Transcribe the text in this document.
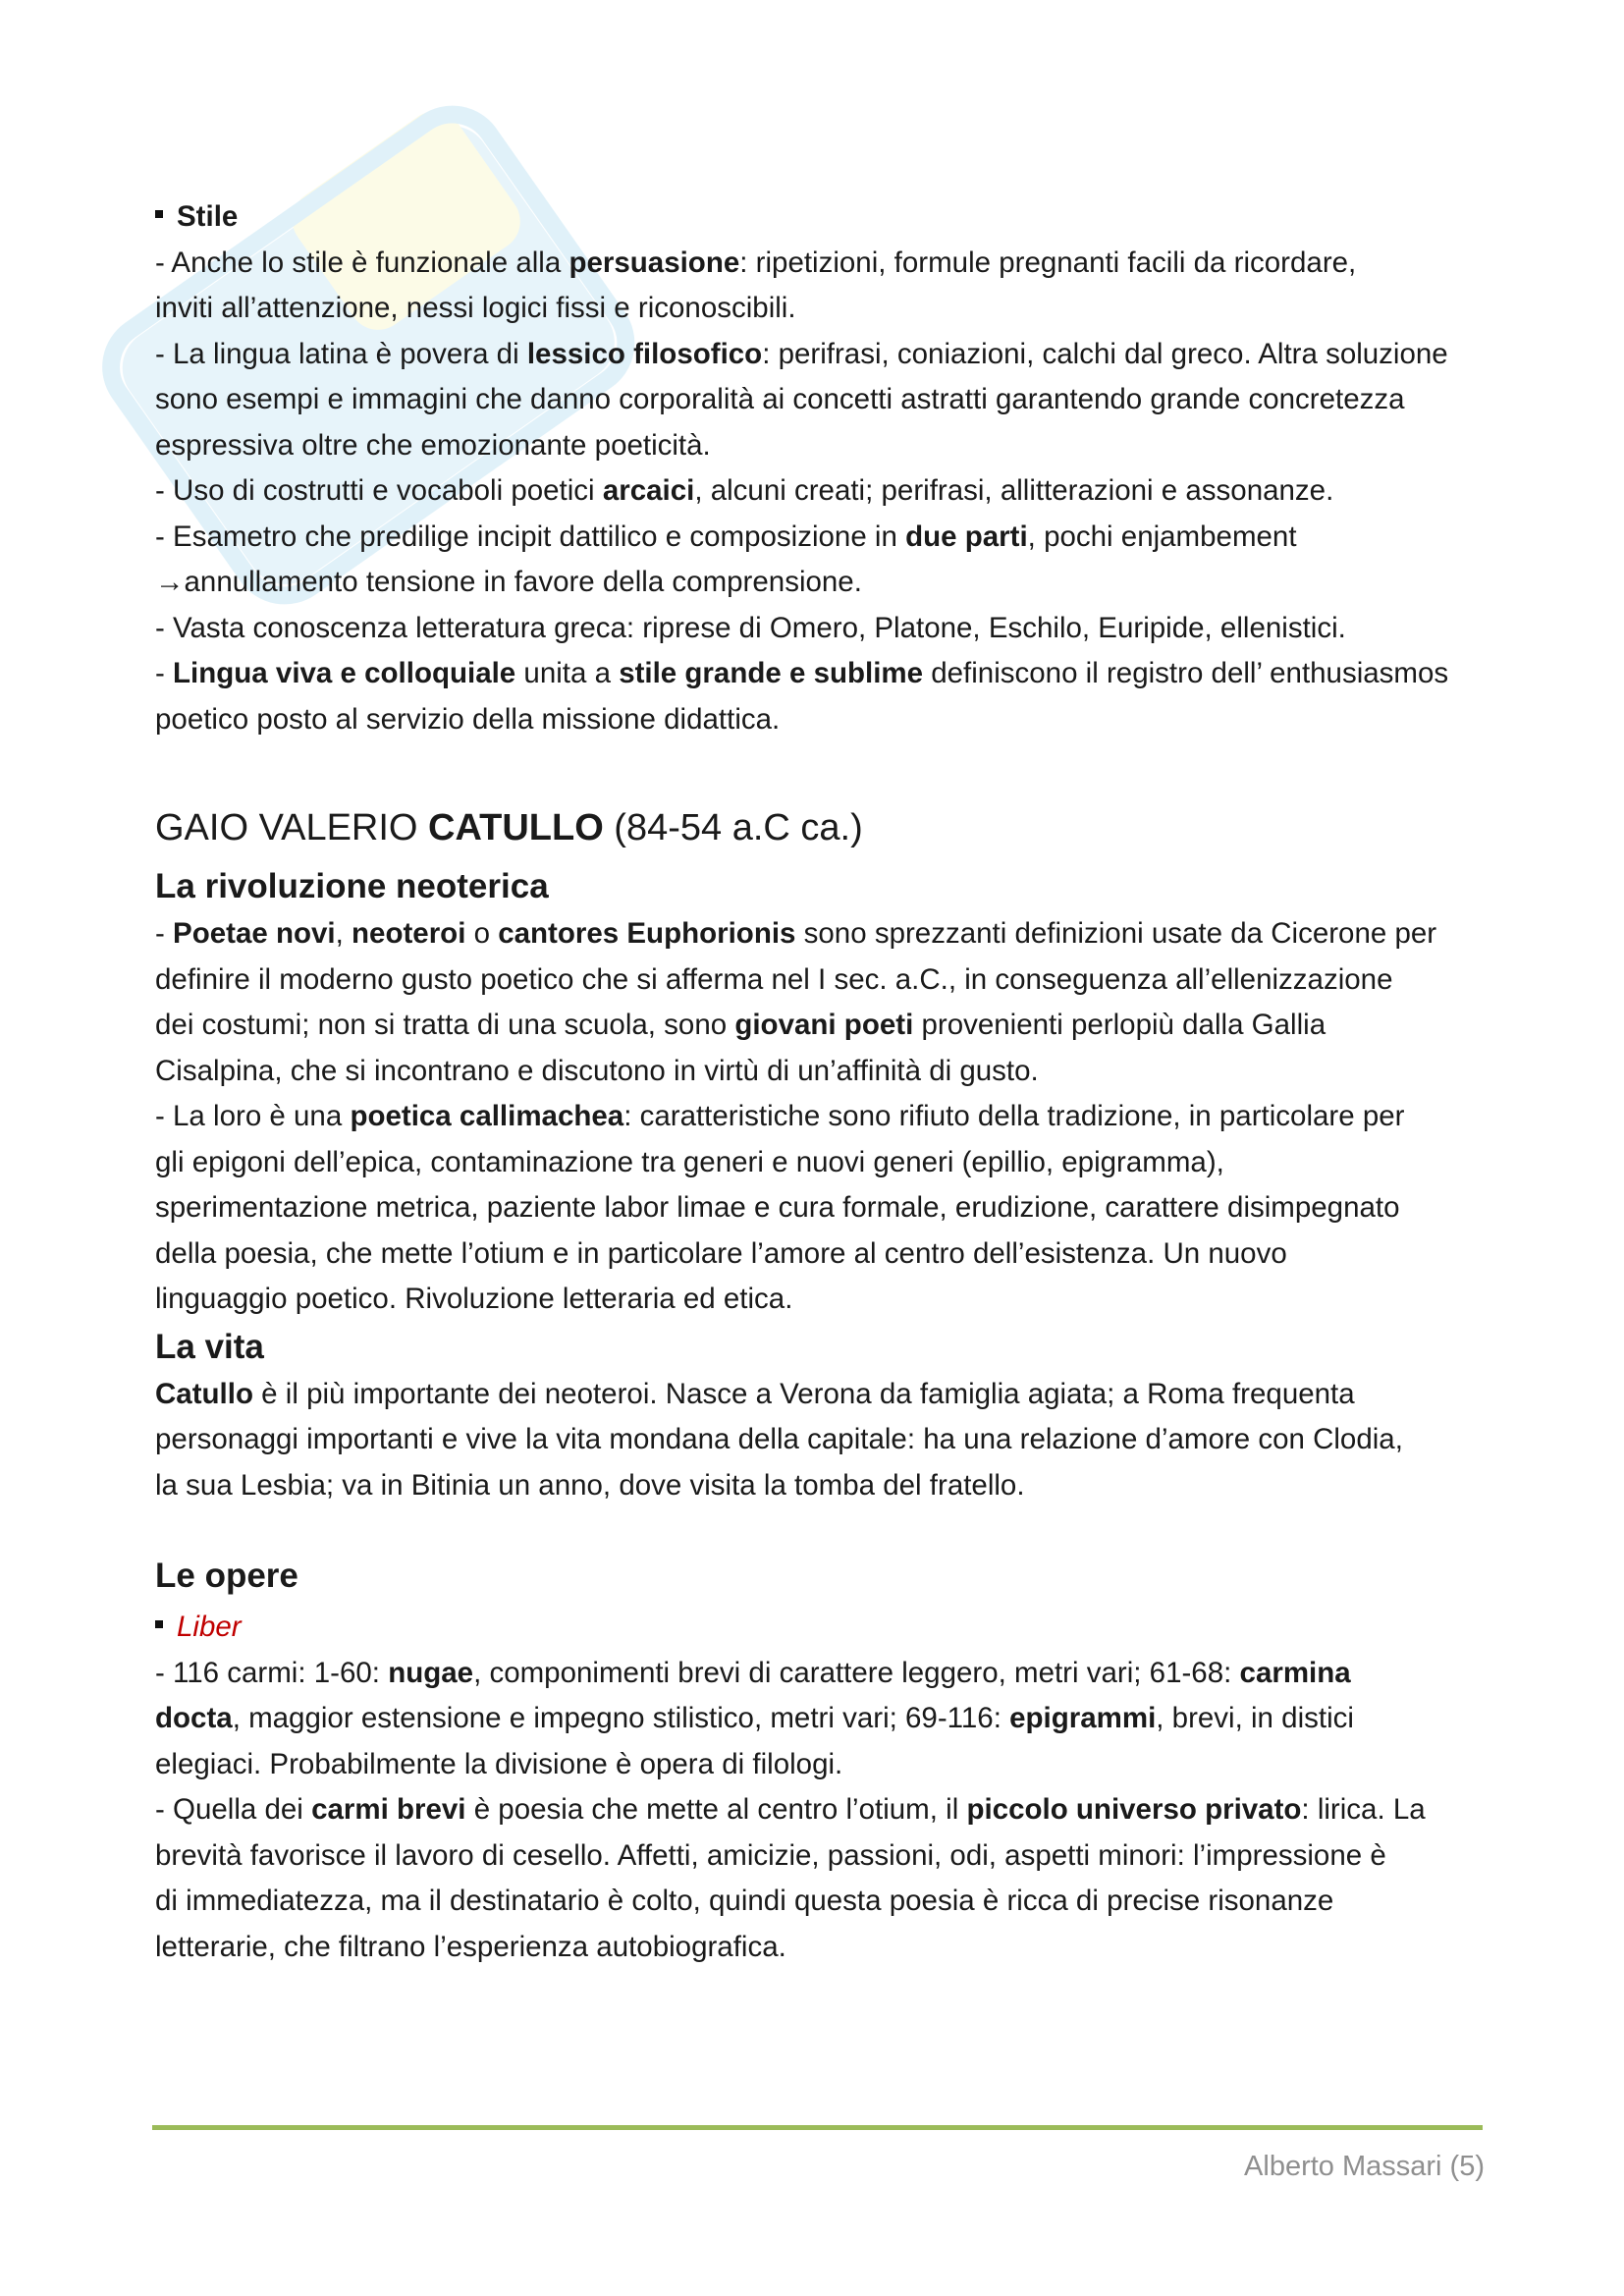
Stile

- Anche lo stile è funzionale alla persuasione: ripetizioni, formule pregnanti facili da ricordare,

inviti all’attenzione, nessi logici fissi e riconoscibili.

- La lingua latina è povera di lessico filosofico: perifrasi, coniazioni, calchi dal greco. Altra soluzione

sono esempi e immagini che danno corporalità ai concetti astratti garantendo grande concretezza

espressiva oltre che emozionante poeticità.

- Uso di costrutti e vocaboli poetici arcaici, alcuni creati; perifrasi, allitterazioni e assonanze.

- Esametro che predilige incipit dattilico e composizione in due parti, pochi enjambement

→annullamento tensione in favore della comprensione.

- Vasta conoscenza letteratura greca: riprese di Omero, Platone, Eschilo, Euripide, ellenistici.

- Lingua viva e colloquiale unita a stile grande e sublime definiscono il registro dell’ enthusiasmos

poetico posto al servizio della missione didattica.

GAIO VALERIO CATULLO (84-54 a.C ca.)

La rivoluzione neoterica

- Poetae novi, neoteroi o cantores Euphorionis sono sprezzanti definizioni usate da Cicerone per

definire il moderno gusto poetico che si afferma nel I sec. a.C., in conseguenza all’ellenizzazione

dei costumi; non si tratta di una scuola, sono giovani poeti provenienti perlopiù dalla Gallia

Cisalpina, che si incontrano e discutono in virtù di un’affinità di gusto.

- La loro è una poetica callimachea: caratteristiche sono rifiuto della tradizione, in particolare per

gli epigoni dell’epica, contaminazione tra generi e nuovi generi (epillio, epigramma),

sperimentazione metrica, paziente labor limae e cura formale, erudizione, carattere disimpegnato

della poesia, che mette l’otium e in particolare l’amore al centro dell’esistenza. Un nuovo

linguaggio poetico. Rivoluzione letteraria ed etica.

La vita

Catullo è il più importante dei neoteroi. Nasce a Verona da famiglia agiata; a Roma frequenta

personaggi importanti e vive la vita mondana della capitale: ha una relazione d’amore con Clodia,

la sua Lesbia; va in Bitinia un anno, dove visita la tomba del fratello.

Le opere

Liber

- 116 carmi: 1-60: nugae, componimenti brevi di carattere leggero, metri vari; 61-68: carmina

docta, maggior estensione e impegno stilistico, metri vari; 69-116: epigrammi, brevi, in distici

elegiaci. Probabilmente la divisione è opera di filologi.

- Quella dei carmi brevi è poesia che mette al centro l’otium, il piccolo universo privato: lirica. La

brevità favorisce il lavoro di cesello. Affetti, amicizie, passioni, odi, aspetti minori: l’impressione è

di immediatezza, ma il destinatario è colto, quindi questa poesia è ricca di precise risonanze

letterarie, che filtrano l’esperienza autobiografica.

Alberto Massari (5)
